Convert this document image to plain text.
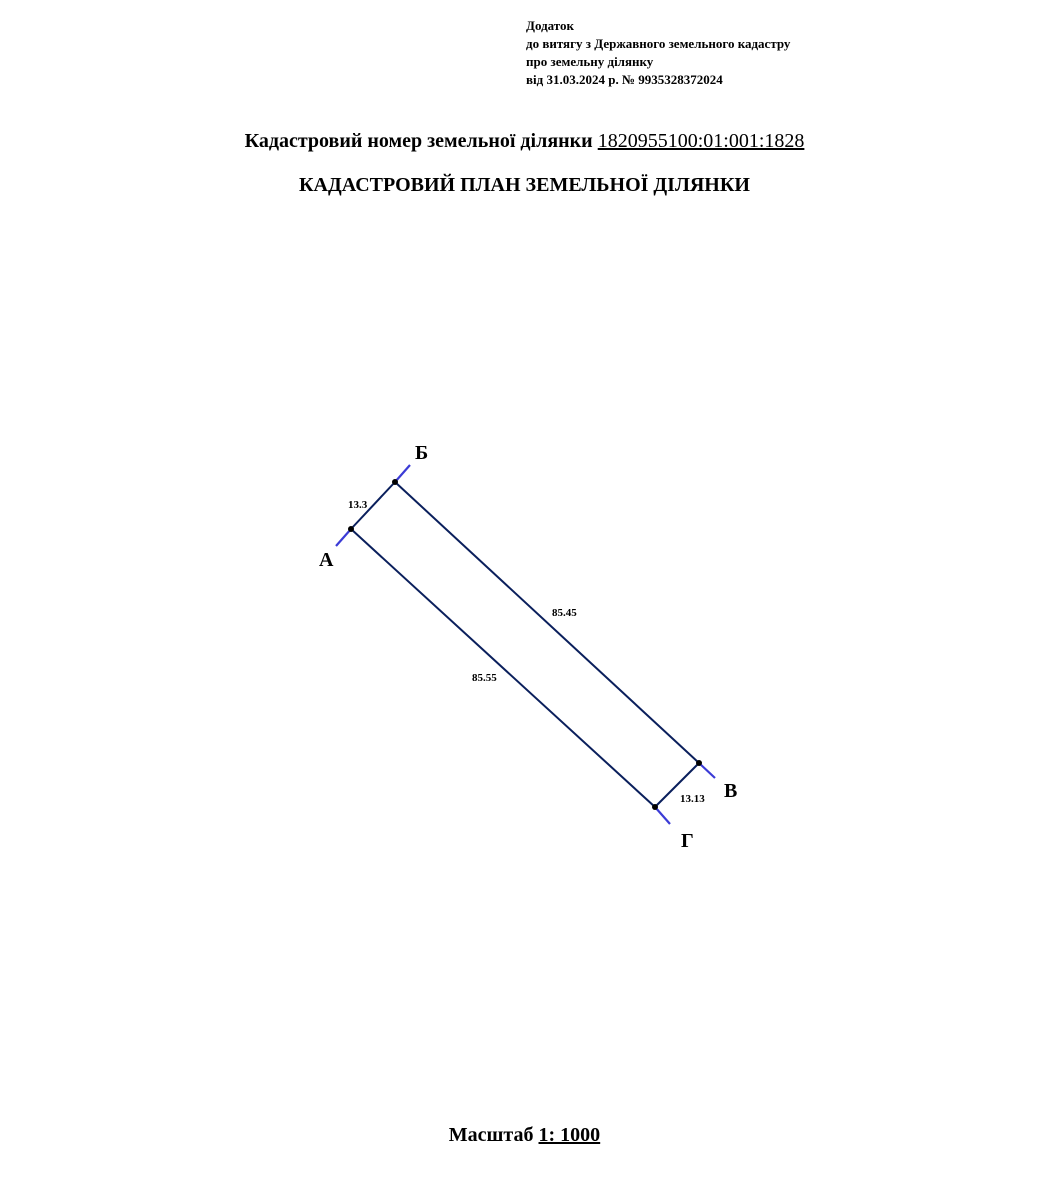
Додаток
до витягу з Державного земельного кадастру
про земельну ділянку
від 31.03.2024 р. № 9935328372024
Кадастровий номер земельної ділянки 1820955100:01:001:1828
КАДАСТРОВИЙ ПЛАН ЗЕМЕЛЬНОЇ ДІЛЯНКИ
А
Б
В
Г
13.3
85.45
13.13
85.55
Масштаб 1: 1000
